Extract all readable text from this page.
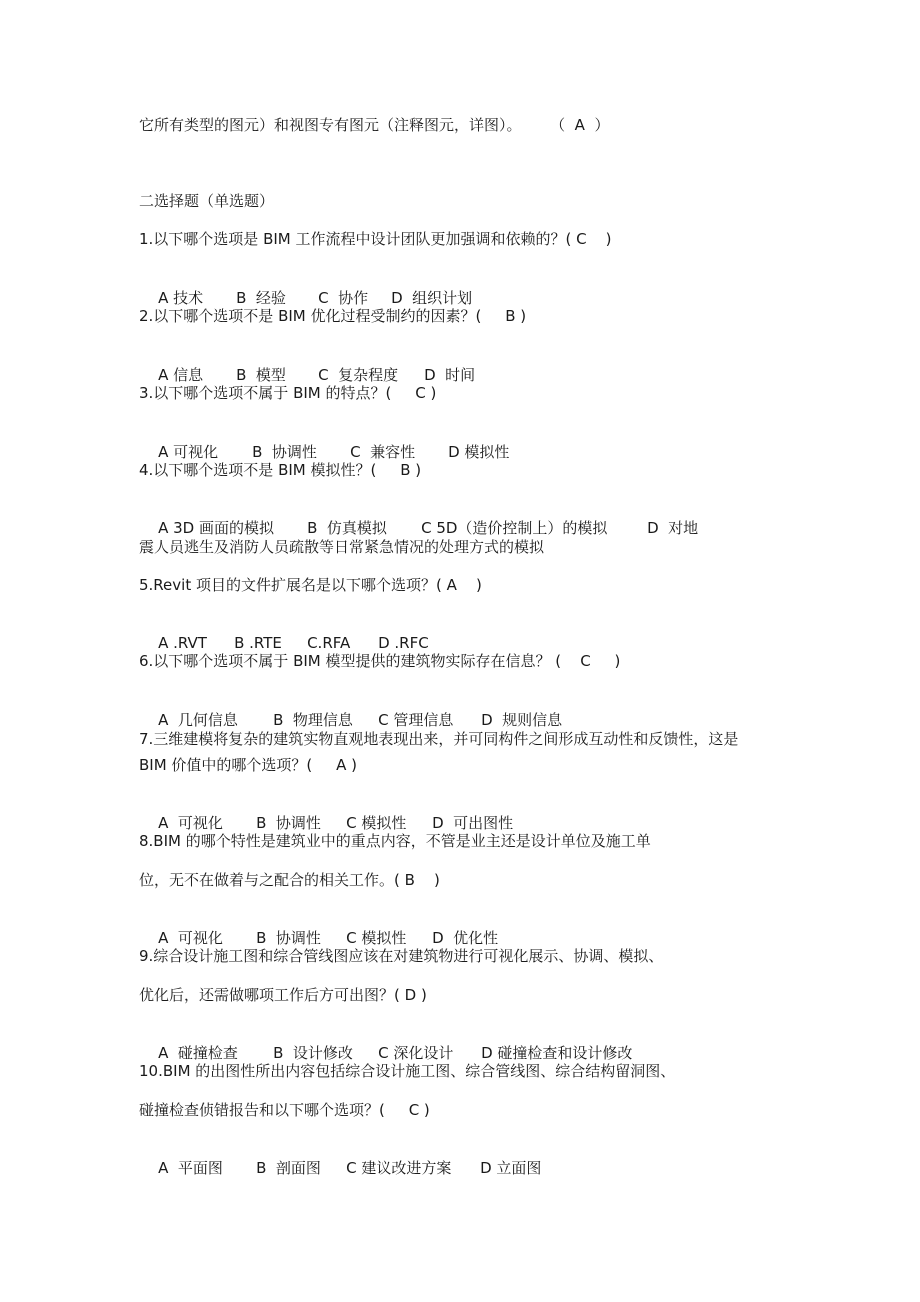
它所有类型的图元）和视图专有图元（注释图元，详图）。      （  A  ）
二选择题（单选题）
1.以下哪个选项是 BIM 工作流程中设计团队更加强调和依赖的？( C    )

A 技术 B  经验 C  协作 D  组织计划

2.以下哪个选项不是 BIM 优化过程受制约的因素？(     B )

A 信息 B  模型 C  复杂程度 D  时间

3.以下哪个选项不属于 BIM 的特点？(     C )

A 可视化 B  协调性 C  兼容性 D 模拟性

4.以下哪个选项不是 BIM 模拟性？(     B )

A 3D 画面的模拟 B  仿真模拟 C 5D（造价控制上）的模拟	D  对地

震人员逃生及消防人员疏散等日常紧急情况的处理方式的模拟
5.Revit 项目的文件扩展名是以下哪个选项？( A    )

A .RVT B .RTE C.RFA D .RFC

6.以下哪个选项不属于 BIM 模型提供的建筑物实际存在信息？ (    C     )

A  几何信息 B  物理信息 C 管理信息 D  规则信息

7.三维建模将复杂的建筑实物直观地表现出来，并可同构件之间形成互动性和反馈性，这是
BIM 价值中的哪个选项？(     A )

A  可视化 B  协调性 C 模拟性 D  可出图性

8.BIM 的哪个特性是建筑业中的重点内容，不管是业主还是设计单位及施工单
位，无不在做着与之配合的相关工作。( B    )

A  可视化 B  协调性 C 模拟性 D  优化性

9.综合设计施工图和综合管线图应该在对建筑物进行可视化展示、协调、模拟、
优化后，还需做哪项工作后方可出图？( D )

A  碰撞检查 B  设计修改 C 深化设计 D 碰撞检查和设计修改

10.BIM 的出图性所出内容包括综合设计施工图、综合管线图、综合结构留洞图、
碰撞检查侦错报告和以下哪个选项？(     C )

A  平面图 B  剖面图 C 建议改进方案 D 立面图
